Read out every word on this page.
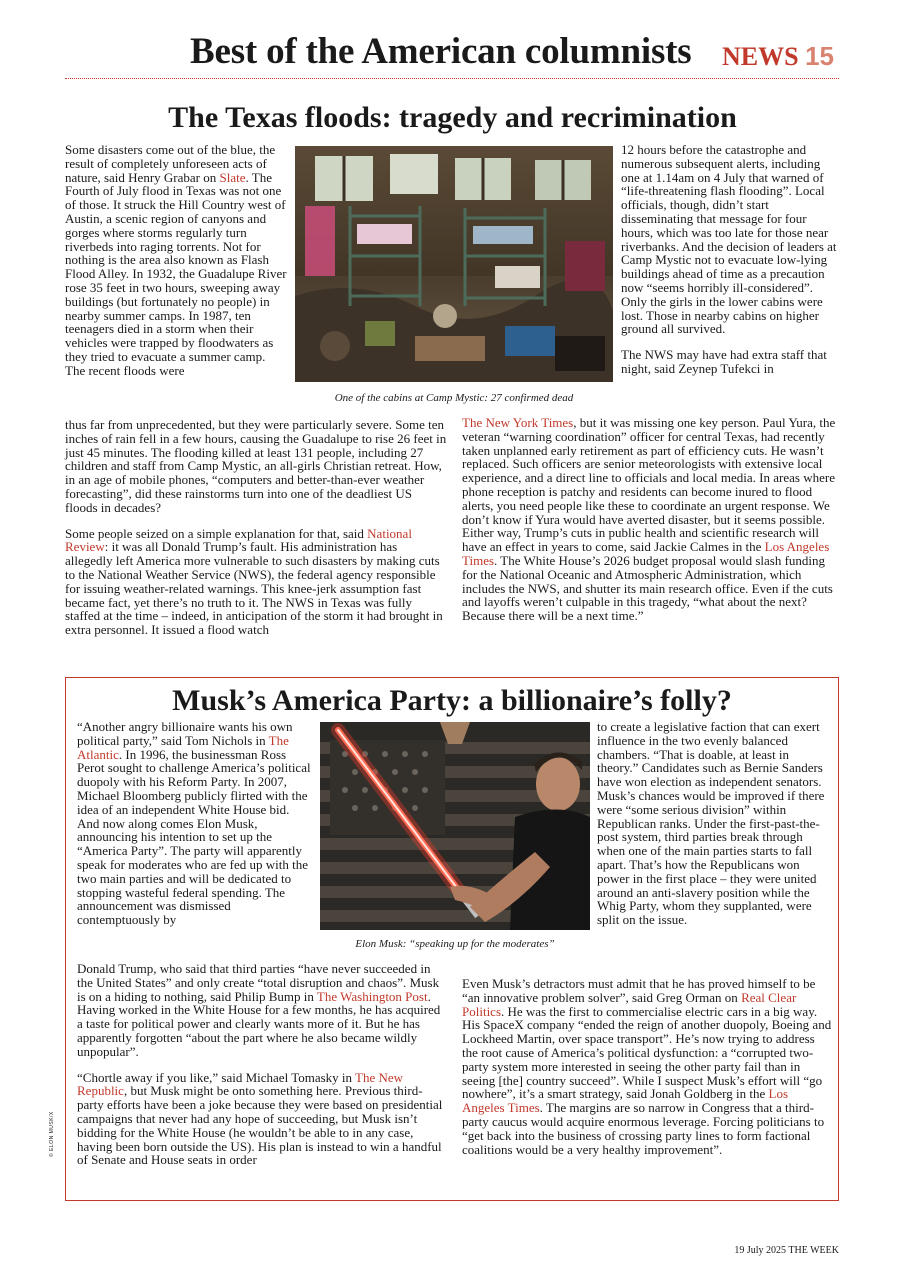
Best of the American columnists NEWS 15
The Texas floods: tragedy and recrimination
One of the cabins at Camp Mystic: 27 confirmed dead

Some disasters come out of the blue, the result of completely unforeseen acts of nature, said Henry Grabar on Slate. The Fourth of July flood in Texas was not one of those. It struck the Hill Country west of Austin, a scenic region of canyons and gorges where storms regularly turn riverbeds into raging torrents. Not for nothing is the area also known as Flash Flood Alley. In 1932, the Guadalupe River rose 35 feet in two hours, sweeping away buildings (but fortunately no people) in nearby summer camps. In 1987, ten teenagers died in a storm when their vehicles were trapped by floodwaters as they tried to evacuate a summer camp. The recent floods were

thus far from unprecedented, but they were particularly severe. Some ten inches of rain fell in a few hours, causing the Guadalupe to rise 26 feet in just 45 minutes. The flooding killed at least 131 people, including 27 children and staff from Camp Mystic, an all-girls Christian retreat. How, in an age of mobile phones, “computers and better-than-ever weather forecasting”, did these rainstorms turn into one of the deadliest US floods in decades?

Some people seized on a simple explanation for that, said National Review: it was all Donald Trump’s fault. His administration has allegedly left America more vulnerable to such disasters by making cuts to the National Weather Service (NWS), the federal agency responsible for issuing weather-related warnings. This knee-jerk assumption fast became fact, yet there’s no truth to it. The NWS in Texas was fully staffed at the time – indeed, in anticipation of the storm it had brought in extra personnel. It issued a flood watch

12 hours before the catastrophe and numerous subsequent alerts, including one at 1.14am on 4 July that warned of “life-threatening flash flooding”. Local officials, though, didn’t start disseminating that message for four hours, which was too late for those near riverbanks. And the decision of leaders at Camp Mystic not to evacuate low-lying buildings ahead of time as a precaution now “seems horribly ill-considered”. Only the girls in the lower cabins were lost. Those in nearby cabins on higher ground all survived.

The NWS may have had extra staff that night, said Zeynep Tufekci in

The New York Times, but it was missing one key person. Paul Yura, the veteran “warning coordination” officer for central Texas, had recently taken unplanned early retirement as part of efficiency cuts. He wasn’t replaced. Such officers are senior meteorologists with extensive local experience, and a direct line to officials and local media. In areas where phone reception is patchy and residents can become inured to flood alerts, you need people like these to coordinate an urgent response. We don’t know if Yura would have averted disaster, but it seems possible. Either way, Trump’s cuts in public health and scientific research will have an effect in years to come, said Jackie Calmes in the Los Angeles Times. The White House’s 2026 budget proposal would slash funding for the National Oceanic and Atmospheric Administration, which includes the NWS, and shutter its main research office. Even if the cuts and layoffs weren’t culpable in this tragedy, “what about the next? Because there will be a next time.”

Musk’s America Party: a billionaire’s folly?
Elon Musk: “speaking up for the moderates”

“Another angry billionaire wants his own political party,” said Tom Nichols in The Atlantic. In 1996, the businessman Ross Perot sought to challenge America’s political duopoly with his Reform Party. In 2007, Michael Bloomberg publicly flirted with the idea of an independent White House bid. And now along comes Elon Musk, announcing his intention to set up the “America Party”. The party will apparently speak for moderates who are fed up with the two main parties and will be dedicated to stopping wasteful federal spending. The announcement was dismissed contemptuously by

Donald Trump, who said that third parties “have never succeeded in the United States” and only create “total disruption and chaos”. Musk is on a hiding to nothing, said Philip Bump in The Washington Post. Having worked in the White House for a few months, he has acquired a taste for political power and clearly wants more of it. But he has apparently forgotten “about the part where he also became wildly unpopular”.

“Chortle away if you like,” said Michael Tomasky in The New Republic, but Musk might be onto something here. Previous third-party efforts have been a joke because they were based on presidential campaigns that never had any hope of succeeding, but Musk isn’t bidding for the White House (he wouldn’t be able to in any case, having been born outside the US). His plan is instead to win a handful of Senate and House seats in order

to create a legislative faction that can exert influence in the two evenly balanced chambers. “That is doable, at least in theory.” Candidates such as Bernie Sanders have won election as independent senators. Musk’s chances would be improved if there were “some serious division” within Republican ranks. Under the first-past-the-post system, third parties break through when one of the main parties starts to fall apart. That’s how the Republicans won power in the first place – they were united around an anti-slavery position while the Whig Party, whom they supplanted, were split on the issue.

Even Musk’s detractors must admit that he has proved himself to be “an innovative problem solver”, said Greg Orman on Real Clear Politics. He was the first to commercialise electric cars in a big way. His SpaceX company “ended the reign of another duopoly, Boeing and Lockheed Martin, over space transport”. He’s now trying to address the root cause of America’s political dysfunction: a “corrupted two-party system more interested in seeing the other party fail than in seeing [the] country succeed”. While I suspect Musk’s effort will “go nowhere”, it’s a smart strategy, said Jonah Goldberg in the Los Angeles Times. The margins are so narrow in Congress that a third-party caucus would acquire enormous leverage. Forcing politicians to “get back into the business of crossing party lines to form factional coalitions would be a very healthy improvement”.

© ELON MUSK/X
19 July 2025 THE WEEK
